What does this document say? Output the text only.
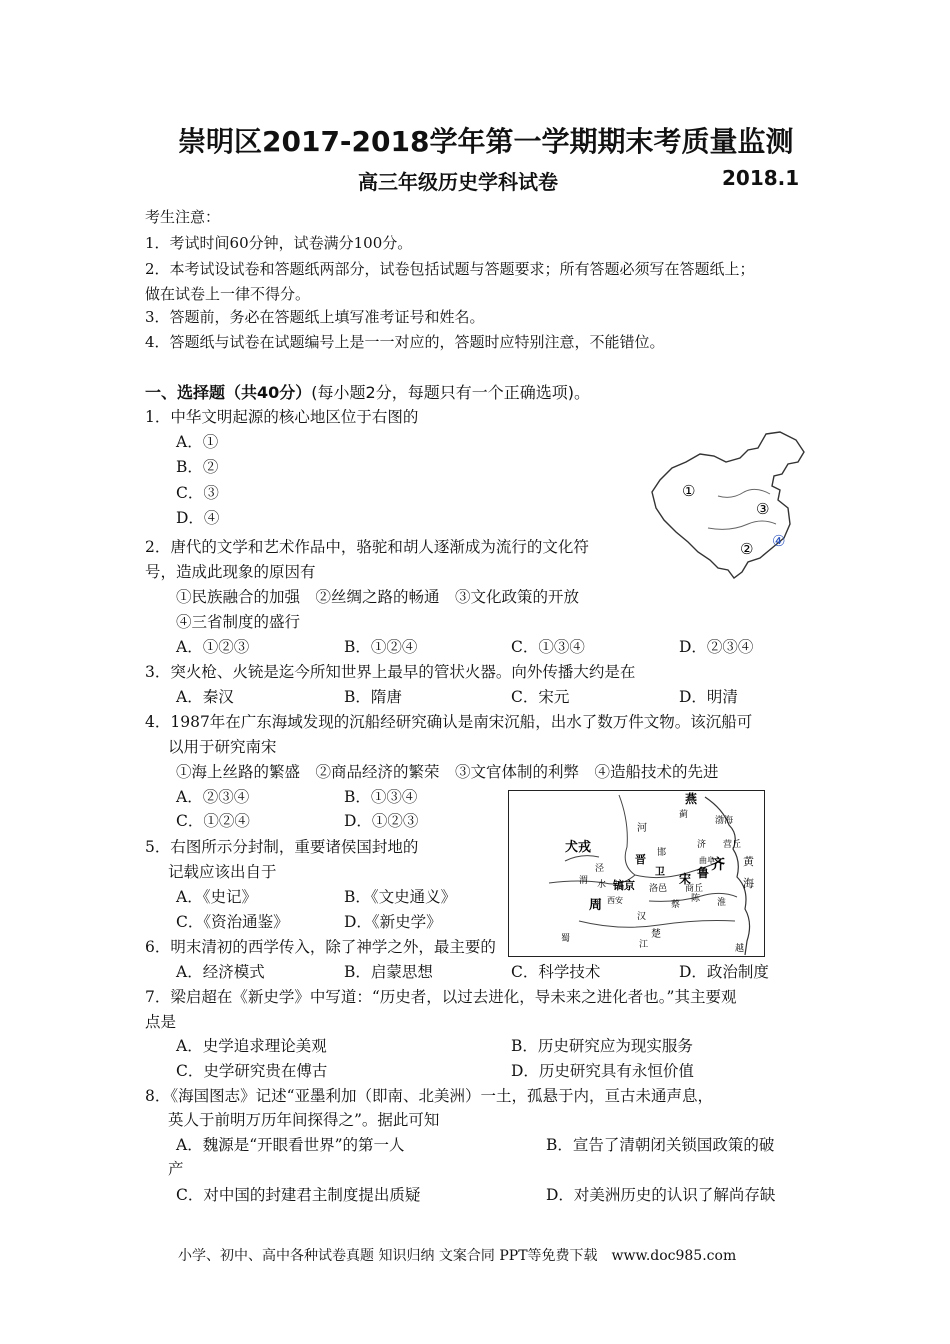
崇明区2017-2018学年第一学期期末考质量监测
高三年级历史学科试卷	2018.1
考生注意：
1．考试时间60分钟，试卷满分100分。
2．本考试设试卷和答题纸两部分，试卷包括试题与答题要求；所有答题必须写在答题纸上；
做在试卷上一律不得分。
3．答题前，务必在答题纸上填写准考证号和姓名。
4．答题纸与试卷在试题编号上是一一对应的，答题时应特别注意，不能错位。
一、选择题（共40分）(每小题2分，每题只有一个正确选项)。
1．中华文明起源的核心地区位于右图的
A．①
B．②
C．③
D．④
①
②
③
④
2．唐代的文学和艺术作品中，骆驼和胡人逐渐成为流行的文化符
号，造成此现象的原因有
①民族融合的加强　②丝绸之路的畅通　③文化政策的开放
④三省制度的盛行
A．①②③	B．①②④	C．①③④	D．②③④
3．突火枪、火铳是迄今所知世界上最早的管状火器。向外传播大约是在
A．秦汉	B．隋唐	C．宋元	D．明清
4．1987年在广东海域发现的沉船经研究确认是南宋沉船，出水了数万件文物。该沉船可
以用于研究南宋
①海上丝路的繁盛　②商品经济的繁荣　③文官体制的利弊　④造船技术的先进
A．②③④	B．①③④
C．①②④	D．①②③
燕
蓟
河
渤海
犬戎
晋 邯
卫
营丘
齐
泾
渭 水 镐京 洛邑
宋 鲁
黄
海
周 西安	陈
蔡
商丘
楚
汉
江
蜀
越
曲阜
济
淮
5．右图所示分封制，重要诸侯国封地的
记载应该出自于
A．《史记》	B．《文史通义》
C．《资治通鉴》	D．《新史学》
6．明末清初的西学传入，除了神学之外，最主要的
A．经济模式	B．启蒙思想	C．科学技术	D．政治制度
7．梁启超在《新史学》中写道：“历史者，以过去进化，导未来之进化者也。”其主要观
点是
A．史学追求理论美观	B．历史研究应为现实服务
C．史学研究贵在傅古	D．历史研究具有永恒价值
8．《海国图志》记述“亚墨利加（即南、北美洲）一土，孤悬于内，亘古未通声息，
英人于前明万历年间探得之”。据此可知
A．魏源是“开眼看世界”的第一人	B．宣告了清朝闭关锁国政策的破
产
C．对中国的封建君主制度提出质疑	D．对美洲历史的认识了解尚存缺
小学、初中、高中各种试卷真题 知识归纳 文案合同 PPT等免费下载　www.doc985.com
